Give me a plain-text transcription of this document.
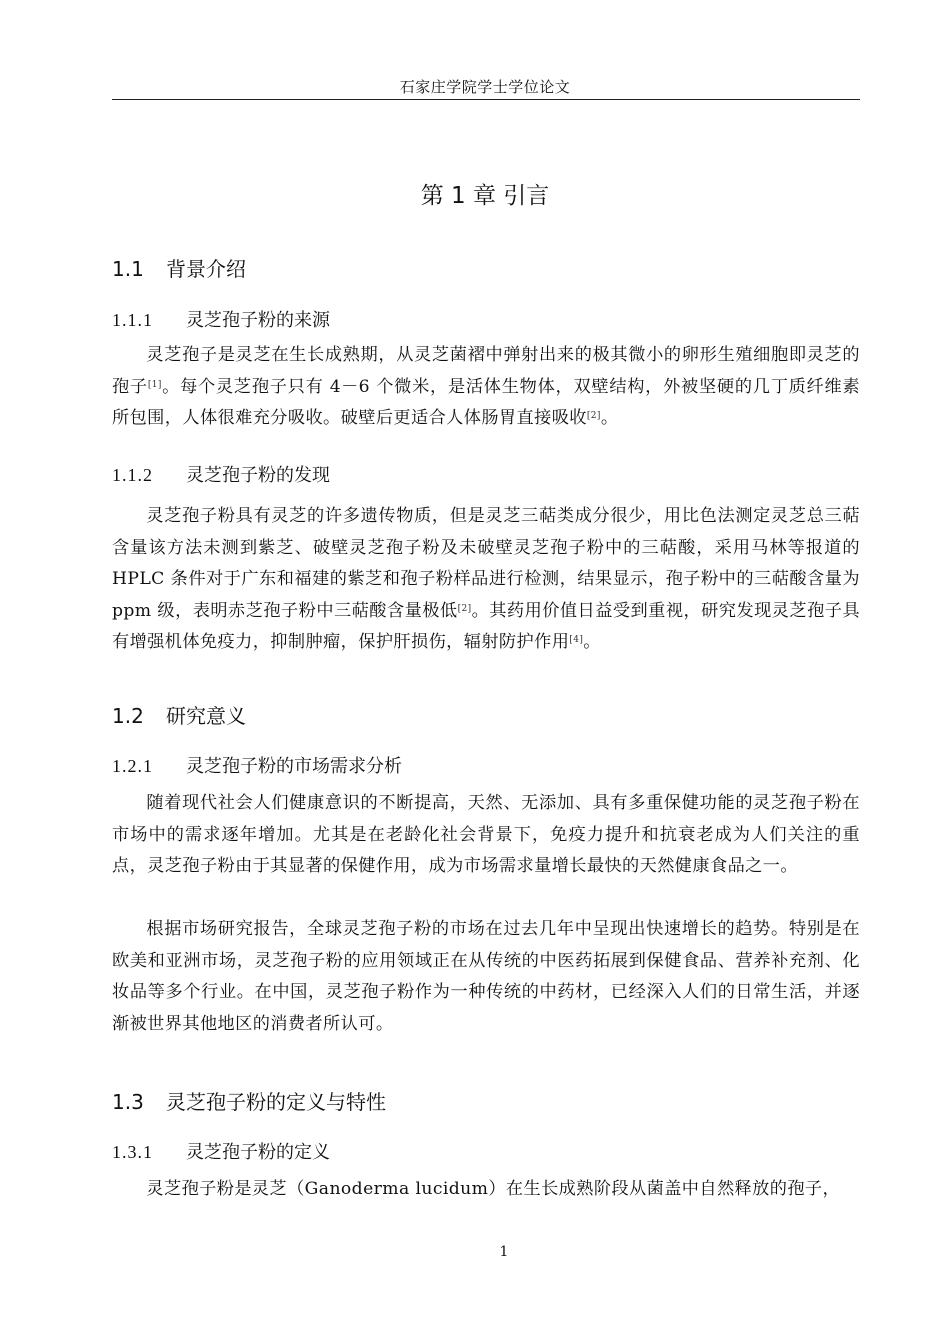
石家庄学院学士学位论文
第 1 章 引言
1.1 背景介绍
1.1.1 灵芝孢子粉的来源

灵芝孢子是灵芝在生长成熟期，从灵芝菌褶中弹射出来的极其微小的卵形生殖细胞即灵芝的孢子[1]。每个灵芝孢子只有 4－6 个微米，是活体生物体，双壁结构，外被坚硬的几丁质纤维素所包围，人体很难充分吸收。破壁后更适合人体肠胃直接吸收[2]。

1.1.2 灵芝孢子粉的发现

灵芝孢子粉具有灵芝的许多遗传物质，但是灵芝三萜类成分很少，用比色法测定灵芝总三萜含量该方法未测到紫芝、破壁灵芝孢子粉及未破壁灵芝孢子粉中的三萜酸，采用马林等报道的 HPLC 条件对于广东和福建的紫芝和孢子粉样品进行检测，结果显示，孢子粉中的三萜酸含量为 ppm 级，表明赤芝孢子粉中三萜酸含量极低[2]。其药用价值日益受到重视，研究发现灵芝孢子具有增强机体免疫力，抑制肿瘤，保护肝损伤，辐射防护作用[4]。

1.2 研究意义
1.2.1 灵芝孢子粉的市场需求分析

随着现代社会人们健康意识的不断提高，天然、无添加、具有多重保健功能的灵芝孢子粉在市场中的需求逐年增加。尤其是在老龄化社会背景下，免疫力提升和抗衰老成为人们关注的重点，灵芝孢子粉由于其显著的保健作用，成为市场需求量增长最快的天然健康食品之一。

根据市场研究报告，全球灵芝孢子粉的市场在过去几年中呈现出快速增长的趋势。特别是在欧美和亚洲市场，灵芝孢子粉的应用领域正在从传统的中医药拓展到保健食品、营养补充剂、化妆品等多个行业。在中国，灵芝孢子粉作为一种传统的中药材，已经深入人们的日常生活，并逐渐被世界其他地区的消费者所认可。

1.3 灵芝孢子粉的定义与特性
1.3.1 灵芝孢子粉的定义

灵芝孢子粉是灵芝（Ganoderma lucidum）在生长成熟阶段从菌盖中自然释放的孢子，

1
